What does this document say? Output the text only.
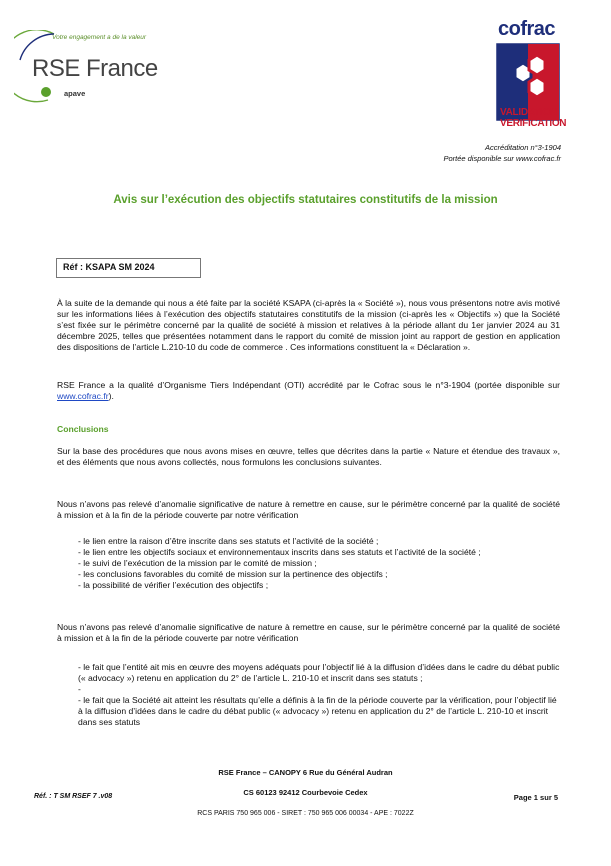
Votre engagement a de la valeur
RSE France
apave
cofrac
VALIDATION
VERIFICATION
Accréditation n°3-1904
Portée disponible sur www.cofrac.fr
Avis sur l’exécution des objectifs statutaires constitutifs de la mission
Réf : KSAPA SM 2024
À la suite de la demande qui nous a été faite par la société KSAPA (ci-après la « Société »), nous vous présentons notre avis motivé sur les informations liées à l’exécution des objectifs statutaires constitutifs de la mission (ci-après les « Objectifs ») que la Société s’est fixée sur le périmètre concerné par la qualité de société à mission et relatives à la période allant du 1er janvier 2024 au 31 décembre 2025, telles que présentées notamment dans le rapport du comité de mission joint au rapport de gestion en application des dispositions de l’article L.210-10 du code de commerce . Ces informations constituent la « Déclaration ».
RSE France a la qualité d’Organisme Tiers Indépendant (OTI) accrédité par le Cofrac sous le n°3-1904 (portée disponible sur www.cofrac.fr).
Conclusions
Sur la base des procédures que nous avons mises en œuvre, telles que décrites dans la partie « Nature et étendue des travaux », et des éléments que nous avons collectés, nous formulons les conclusions suivantes.
Nous n’avons pas relevé d’anomalie significative de nature à remettre en cause, sur le périmètre concerné par la qualité de société à mission et à la fin de la période couverte par notre vérification
- le lien entre la raison d’être inscrite dans ses statuts et l’activité de la société ;
- le lien entre les objectifs sociaux et environnementaux inscrits dans ses statuts et l’activité de la société ;
- le suivi de l’exécution de la mission par le comité de mission ;
- les conclusions favorables du comité de mission sur la pertinence des objectifs ;
- la possibilité de vérifier l’exécution des objectifs ;
Nous n’avons pas relevé d’anomalie significative de nature à remettre en cause, sur le périmètre concerné par la qualité de société à mission et à la fin de la période couverte par notre vérification
- le fait que l’entité ait mis en œuvre des moyens adéquats pour l’objectif lié à la diffusion d’idées dans le cadre du débat public (« advocacy ») retenu en application du 2° de l’article L. 210-10 et inscrit dans ses statuts ;
-
- le fait que la Société ait atteint les résultats qu’elle a définis à la fin de la période couverte par la vérification, pour l’objectif lié à la diffusion d’idées dans le cadre du débat public (« advocacy ») retenu en application du 2° de l’article L. 210-10 et inscrit dans ses statuts
RSE France – CANOPY 6 Rue du Général Audran
Réf. : T SM RSEF 7 .v08	CS 60123 92412 Courbevoie Cedex
Page 1 sur 5
RCS PARIS 750 965 006 - SIRET : 750 965 006 00034 - APE : 7022Z
